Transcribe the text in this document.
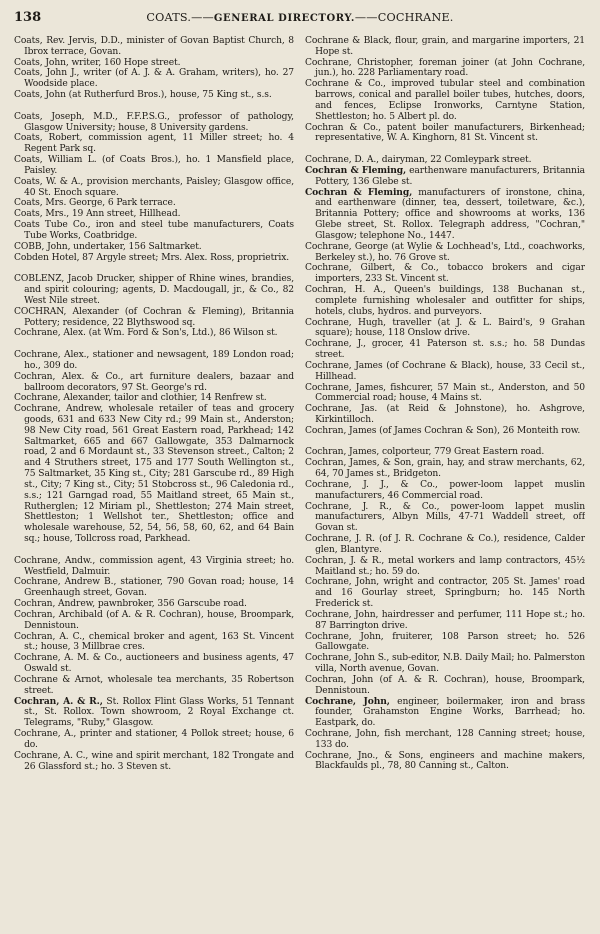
138	COATS.——GENERAL DIRECTORY.——COCHRANE.

Coats, Rev. Jervis, D.D., minister of Govan Baptist Church, 8 Ibrox terrace, Govan.

Coats, John, writer, 160 Hope street.

Coats, John J., writer (of A. J. & A. Graham, writers), ho. 27 Woodside place.

Coats, John (at Rutherfurd Bros.), house, 75 King st., s.s.

Coats, Joseph, M.D., F.F.P.S.G., professor of pathology, Glasgow University; house, 8 University gardens.

Coats, Robert, commission agent, 11 Miller street; ho. 4 Regent Park sq.

Coats, William L. (of Coats Bros.), ho. 1 Mansfield place, Paisley.

Coats, W. & A., provision merchants, Paisley; Glasgow office, 40 St. Enoch square.

Coats, Mrs. George, 6 Park terrace.

Coats, Mrs., 19 Ann street, Hillhead.

Coats Tube Co., iron and steel tube manufacturers, Coats Tube Works, Coatbridge.

COBB, John, undertaker, 156 Saltmarket.

Cobden Hotel, 87 Argyle street; Mrs. Alex. Ross, proprietrix.

COBLENZ, Jacob Drucker, shipper of Rhine wines, brandies, and spirit colouring; agents, D. Macdougall, jr., & Co., 82 West Nile street.

COCHRAN, Alexander (of Cochran & Fleming), Britannia Pottery; residence, 22 Blythswood sq.

Cochrane, Alex. (at Wm. Ford & Son's, Ltd.), 86 Wilson st.

Cochrane, Alex., stationer and newsagent, 189 London road; ho., 309 do.

Cochran, Alex. & Co., art furniture dealers, bazaar and ballroom decorators, 97 St. George's rd.

Cochrane, Alexander, tailor and clothier, 14 Renfrew st.

Cochrane, Andrew, wholesale retailer of teas and grocery goods, 631 and 633 New City rd.; 99 Main st., Anderston; 98 New City road, 561 Great Eastern road, Parkhead; 142 Saltmarket, 665 and 667 Gallowgate, 353 Dalmarnock road, 2 and 6 Mordaunt st., 33 Stevenson street., Calton; 2 and 4 Struthers street, 175 and 177 South Wellington st., 75 Saltmarket, 35 King st., City; 281 Garscube rd., 89 High st., City; 7 King st., City; 51 Stobcross st., 96 Caledonia rd., s.s.; 121 Garngad road, 55 Maitland street, 65 Main st., Rutherglen; 12 Miriam pl., Shettleston; 274 Main street, Shettleston; 1 Wellshot ter., Shettleston; office and wholesale warehouse, 52, 54, 56, 58, 60, 62, and 64 Bain sq.; house, Tollcross road, Parkhead.

Cochrane, Andw., commission agent, 43 Virginia street; ho. Westfield, Dalmuir.

Cochrane, Andrew B., stationer, 790 Govan road; house, 14 Greenhaugh street, Govan.

Cochran, Andrew, pawnbroker, 356 Garscube road.

Cochran, Archibald (of A. & R. Cochran), house, Broompark, Dennistoun.

Cochran, A. C., chemical broker and agent, 163 St. Vincent st.; house, 3 Millbrae cres.

Cochrane, A. M. & Co., auctioneers and business agents, 47 Oswald st.

Cochrane & Arnot, wholesale tea merchants, 35 Robertson street.

Cochran, A. & R., St. Rollox Flint Glass Works, 51 Tennant st., St. Rollox. Town showroom, 2 Royal Exchange ct. Telegrams, "Ruby," Glasgow.

Cochrane, A., printer and stationer, 4 Pollok street; house, 6 do.

Cochrane, A. C., wine and spirit merchant, 182 Trongate and 26 Glassford st.; ho. 3 Steven st.

Cochrane & Black, flour, grain, and margarine importers, 21 Hope st.

Cochrane, Christopher, foreman joiner (at John Cochrane, jun.), ho. 228 Parliamentary road.

Cochrane & Co., improved tubular steel and combination barrows, conical and parallel boiler tubes, hutches, doors, and fences, Eclipse Ironworks, Carntyne Station, Shettleston; ho. 5 Albert pl. do.

Cochran & Co., patent boiler manufacturers, Birkenhead; representative, W. A. Kinghorn, 81 St. Vincent st.

Cochrane, D. A., dairyman, 22 Comleypark street.

Cochran & Fleming, earthenware manufacturers, Britannia Pottery, 136 Glebe st.

Cochran & Fleming, manufacturers of ironstone, china, and earthenware (dinner, tea, dessert, toiletware, &c.), Britannia Pottery; office and showrooms at works, 136 Glebe street, St. Rollox. Telegraph address, "Cochran," Glasgow; telephone No., 1447.

Cochrane, George (at Wylie & Lochhead's, Ltd., coachworks, Berkeley st.), ho. 76 Grove st.

Cochrane, Gilbert, & Co., tobacco brokers and cigar importers, 233 St. Vincent st.

Cochran, H. A., Queen's buildings, 138 Buchanan st., complete furnishing wholesaler and outfitter for ships, hotels, clubs, hydros. and purveyors.

Cochrane, Hugh, traveller (at J. & L. Baird's, 9 Grahan square); house, 118 Onslow drive.

Cochrane, J., grocer, 41 Paterson st. s.s.; ho. 58 Dundas street.

Cochrane, James (of Cochrane & Black), house, 33 Cecil st., Hillhead.

Cochrane, James, fishcurer, 57 Main st., Anderston, and 50 Commercial road; house, 4 Mains st.

Cochrane, Jas. (at Reid & Johnstone), ho. Ashgrove, Kirkintilloch.

Cochran, James (of James Cochran & Son), 26 Monteith row.

Cochran, James, colporteur, 779 Great Eastern road.

Cochran, James, & Son, grain, hay, and straw merchants, 62, 64, 70 James st., Bridgeton.

Cochrane, J. J., & Co., power-loom lappet muslin manufacturers, 46 Commercial road.

Cochrane, J. R., & Co., power-loom lappet muslin manufacturers, Albyn Mills, 47-71 Waddell street, off Govan st.

Cochrane, J. R. (of J. R. Cochrane & Co.), residence, Calder glen, Blantyre.

Cochran, J. & R., metal workers and lamp contractors, 45½ Maitland st.; ho. 59 do.

Cochrane, John, wright and contractor, 205 St. James' road and 16 Gourlay street, Springburn; ho. 145 North Frederick st.

Cochrane, John, hairdresser and perfumer, 111 Hope st.; ho. 87 Barrington drive.

Cochrane, John, fruiterer, 108 Parson street; ho. 526 Gallowgate.

Cochrane, John S., sub-editor, N.B. Daily Mail; ho. Palmerston villa, North avenue, Govan.

Cochran, John (of A. & R. Cochran), house, Broompark, Dennistoun.

Cochrane, John, engineer, boilermaker, iron and brass founder, Grahamston Engine Works, Barrhead; ho. Eastpark, do.

Cochrane, John, fish merchant, 128 Canning street; house, 133 do.

Cochrane, Jno., & Sons, engineers and machine makers, Blackfaulds pl., 78, 80 Canning st., Calton.
